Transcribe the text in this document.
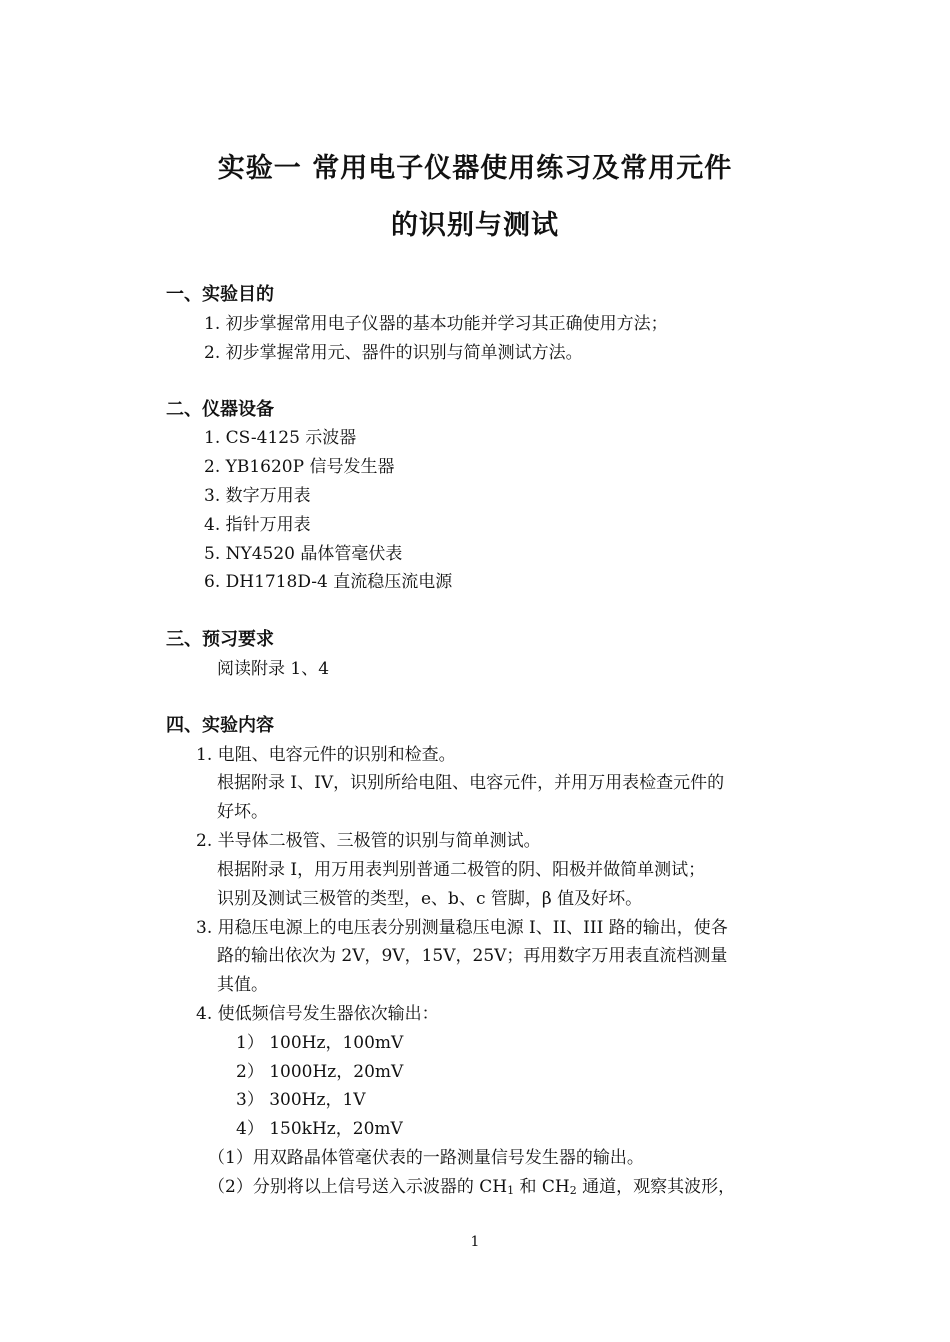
实验一 常用电子仪器使用练习及常用元件
的识别与测试
一、实验目的
1. 初步掌握常用电子仪器的基本功能并学习其正确使用方法；
2. 初步掌握常用元、器件的识别与简单测试方法。
二、仪器设备
1. CS-4125 示波器
2. YB1620P 信号发生器
3. 数字万用表
4. 指针万用表
5. NY4520 晶体管毫伏表
6. DH1718D-4 直流稳压流电源
三、预习要求
阅读附录 1、4
四、实验内容
1. 电阻、电容元件的识别和检查。
根据附录 I、IV，识别所给电阻、电容元件，并用万用表检查元件的
好坏。
2. 半导体二极管、三极管的识别与简单测试。
根据附录 I，用万用表判别普通二极管的阴、阳极并做简单测试；
识别及测试三极管的类型，e、b、c 管脚，β 值及好坏。
3. 用稳压电源上的电压表分别测量稳压电源 I、II、III 路的输出，使各
路的输出依次为 2V，9V，15V，25V；再用数字万用表直流档测量
其值。
4. 使低频信号发生器依次输出：
1） 100Hz，100mV
2） 1000Hz，20mV
3） 300Hz，1V
4） 150kHz，20mV
（1）用双路晶体管毫伏表的一路测量信号发生器的输出。
（2）分别将以上信号送入示波器的 $CH_1$ 和 $CH_2$ 通道，观察其波形，
1
